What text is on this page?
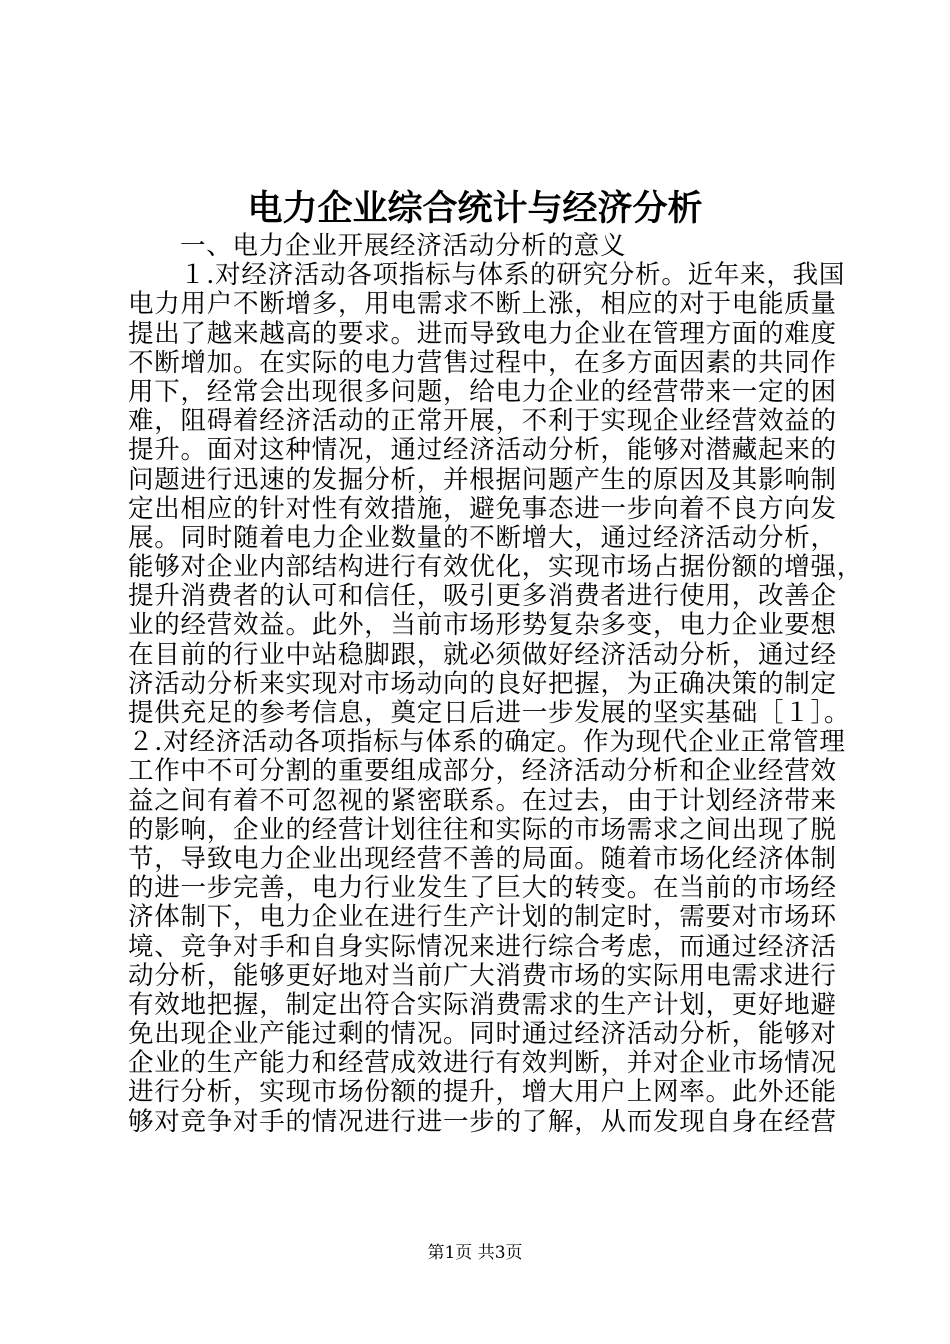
电力企业综合统计与经济分析
一、电力企业开展经济活动分析的意义
１.对经济活动各项指标与体系的研究分析。近年来，我国
电力用户不断增多，用电需求不断上涨，相应的对于电能质量
提出了越来越高的要求。进而导致电力企业在管理方面的难度
不断增加。在实际的电力营售过程中，在多方面因素的共同作
用下，经常会出现很多问题，给电力企业的经营带来一定的困
难，阻碍着经济活动的正常开展，不利于实现企业经营效益的
提升。面对这种情况，通过经济活动分析，能够对潜藏起来的
问题进行迅速的发掘分析，并根据问题产生的原因及其影响制
定出相应的针对性有效措施，避免事态进一步向着不良方向发
展。同时随着电力企业数量的不断增大，通过经济活动分析，
能够对企业内部结构进行有效优化，实现市场占据份额的增强，
提升消费者的认可和信任，吸引更多消费者进行使用，改善企
业的经营效益。此外，当前市场形势复杂多变，电力企业要想
在目前的行业中站稳脚跟，就必须做好经济活动分析，通过经
济活动分析来实现对市场动向的良好把握，为正确决策的制定
提供充足的参考信息，奠定日后进一步发展的坚实基础［１］。
２.对经济活动各项指标与体系的确定。作为现代企业正常管理
工作中不可分割的重要组成部分，经济活动分析和企业经营效
益之间有着不可忽视的紧密联系。在过去，由于计划经济带来
的影响，企业的经营计划往往和实际的市场需求之间出现了脱
节，导致电力企业出现经营不善的局面。随着市场化经济体制
的进一步完善，电力行业发生了巨大的转变。在当前的市场经
济体制下，电力企业在进行生产计划的制定时，需要对市场环
境、竞争对手和自身实际情况来进行综合考虑，而通过经济活
动分析，能够更好地对当前广大消费市场的实际用电需求进行
有效地把握，制定出符合实际消费需求的生产计划，更好地避
免出现企业产能过剩的情况。同时通过经济活动分析，能够对
企业的生产能力和经营成效进行有效判断，并对企业市场情况
进行分析，实现市场份额的提升，增大用户上网率。此外还能
够对竞争对手的情况进行进一步的了解，从而发现自身在经营
第1页 共3页
